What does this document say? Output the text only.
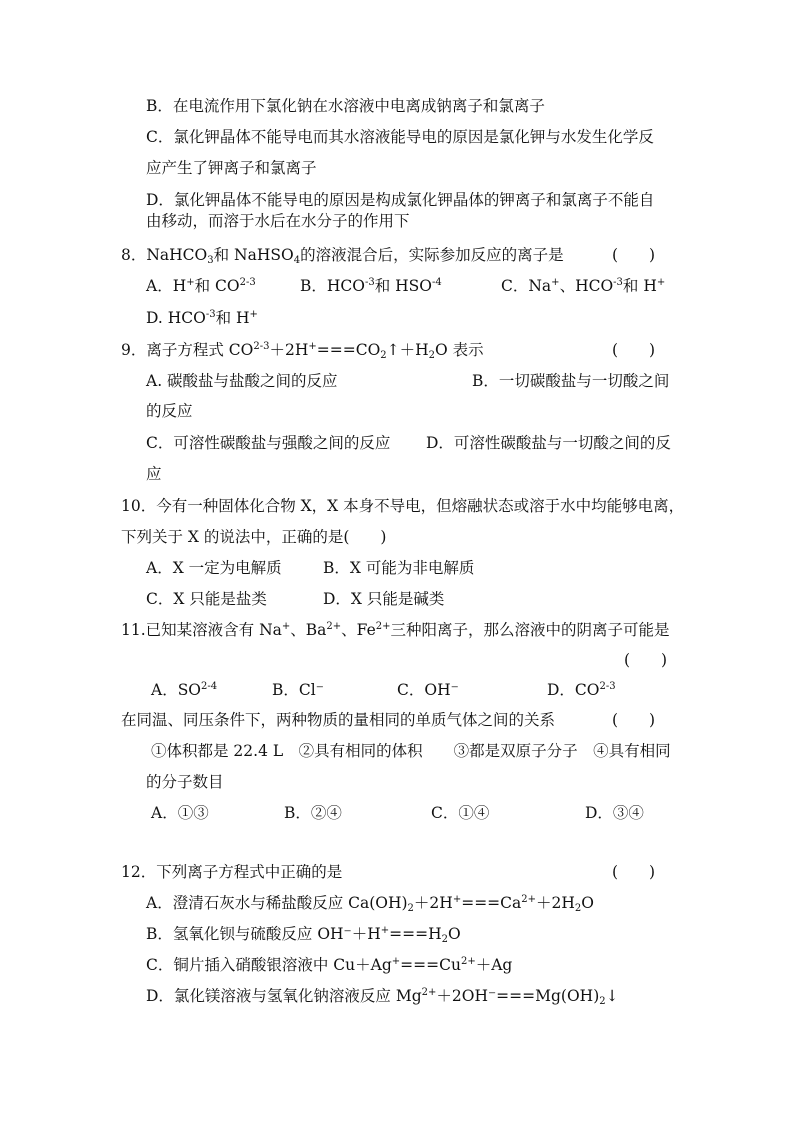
B．在电流作用下氯化钠在水溶液中电离成钠离子和氯离子
C．氯化钾晶体不能导电而其水溶液能导电的原因是氯化钾与水发生化学反
应产生了钾离子和氯离子
D．氯化钾晶体不能导电的原因是构成氯化钾晶体的钾离子和氯离子不能自
由移动，而溶于水后在水分子的作用下
8．NaHCO$_3$和 NaHSO$_4$的溶液混合后，实际参加反应的离子是	(　　)
A．H+和 CO$^{2-3}$	B．$HCO^{-3}$和 $HSO^{-4}$	C．Na+、$HCO^{-3}$和 H+
D. $HCO^{-3}$和 H+
9．离子方程式 $CO^{2-3}+2H^+===CO_2↑+H_2O$ 表示	(　　)
A. 碳酸盐与盐酸之间的反应	B．一切碳酸盐与一切酸之间
的反应
C．可溶性碳酸盐与强酸之间的反应 D．可溶性碳酸盐与一切酸之间的反
应
10．今有一种固体化合物 X，X 本身不导电，但熔融状态或溶于水中均能够电离，
下列关于 X 的说法中，正确的是(　　)
A．X 一定为电解质	B．X 可能为非电解质
C．X 只能是盐类	D．X 只能是碱类
11.已知某溶液含有 Na+、$Ba^{2+}$、$Fe^{2+}$三种阳离子，那么溶液中的阴离子可能是
(　　)
A．SO$^{2-4}$	B．Cl⁻	C．OH⁻	D．CO$^{2-3}$
在同温、同压条件下，两种物质的量相同的单质气体之间的关系	(　　)
①体积都是 22.4 L　②具有相同的体积　　③都是双原子分子　④具有相同
的分子数目
A．①③	B．②④	C．①④	D．③④
12．下列离子方程式中正确的是	(　　)
A．澄清石灰水与稀盐酸反应 $Ca(OH)_2+2H^+===Ca^{2+}+2H_2O$
B．氢氧化钡与硫酸反应 $OH^-+H^+===H_2O$
C．铜片插入硝酸银溶液中 $Cu+Ag^+===Cu^{2+}+Ag$
D．氯化镁溶液与氢氧化钠溶液反应 $Mg^{2+}+2OH^-===Mg(OH)_2↓$
